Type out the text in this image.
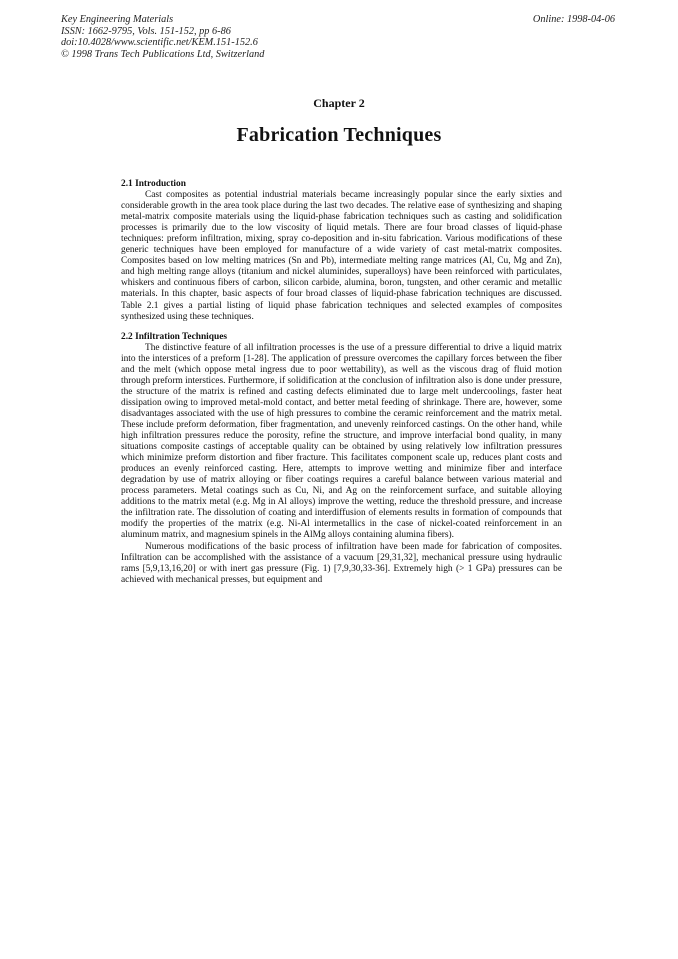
Key Engineering Materials
ISSN: 1662-9795, Vols. 151-152, pp 6-86
doi:10.4028/www.scientific.net/KEM.151-152.6
© 1998 Trans Tech Publications Ltd, Switzerland
Online: 1998-04-06
Chapter 2
Fabrication Techniques
2.1 Introduction

Cast composites as potential industrial materials became increasingly popular since the early sixties and considerable growth in the area took place during the last two decades. The relative ease of synthesizing and shaping metal-matrix composite materials using the liquid-phase fabrication techniques such as casting and solidification processes is primarily due to the low viscosity of liquid metals. There are four broad classes of liquid-phase techniques: preform infiltration, mixing, spray co-deposition and in-situ fabrication. Various modifications of these generic techniques have been employed for manufacture of a wide variety of cast metal-matrix composites. Composites based on low melting matrices (Sn and Pb), intermediate melting range matrices (Al, Cu, Mg and Zn), and high melting range alloys (titanium and nickel aluminides, superalloys) have been reinforced with particulates, whiskers and continuous fibers of carbon, silicon carbide, alumina, boron, tungsten, and other ceramic and metallic materials. In this chapter, basic aspects of four broad classes of liquid-phase fabrication techniques are discussed. Table 2.1 gives a partial listing of liquid phase fabrication techniques and selected examples of composites synthesized using these techniques.

2.2 Infiltration Techniques

The distinctive feature of all infiltration processes is the use of a pressure differential to drive a liquid matrix into the interstices of a preform [1-28]. The application of pressure overcomes the capillary forces between the fiber and the melt (which oppose metal ingress due to poor wettability), as well as the viscous drag of fluid motion through preform interstices. Furthermore, if solidification at the conclusion of infiltration also is done under pressure, the structure of the matrix is refined and casting defects eliminated due to large melt undercoolings, faster heat dissipation owing to improved metal-mold contact, and better metal feeding of shrinkage. There are, however, some disadvantages associated with the use of high pressures to combine the ceramic reinforcement and the matrix metal. These include preform deformation, fiber fragmentation, and unevenly reinforced castings. On the other hand, while high infiltration pressures reduce the porosity, refine the structure, and improve interfacial bond quality, in many situations composite castings of acceptable quality can be obtained by using relatively low infiltration pressures which minimize preform distortion and fiber fracture. This facilitates component scale up, reduces plant costs and produces an evenly reinforced casting. Here, attempts to improve wetting and minimize fiber and interface degradation by use of matrix alloying or fiber coatings requires a careful balance between various material and process parameters. Metal coatings such as Cu, Ni, and Ag on the reinforcement surface, and suitable alloying additions to the matrix metal (e.g. Mg in Al alloys) improve the wetting, reduce the threshold pressure, and increase the infiltration rate. The dissolution of coating and interdiffusion of elements results in formation of compounds that modify the properties of the matrix (e.g. Ni-Al intermetallics in the case of nickel-coated reinforcement in an aluminum matrix, and magnesium spinels in the AlMg alloys containing alumina fibers).

Numerous modifications of the basic process of infiltration have been made for fabrication of composites. Infiltration can be accomplished with the assistance of a vacuum [29,31,32], mechanical pressure using hydraulic rams [5,9,13,16,20] or with inert gas pressure (Fig. 1) [7,9,30,33-36]. Extremely high (> 1 GPa) pressures can be achieved with mechanical presses, but equipment and
